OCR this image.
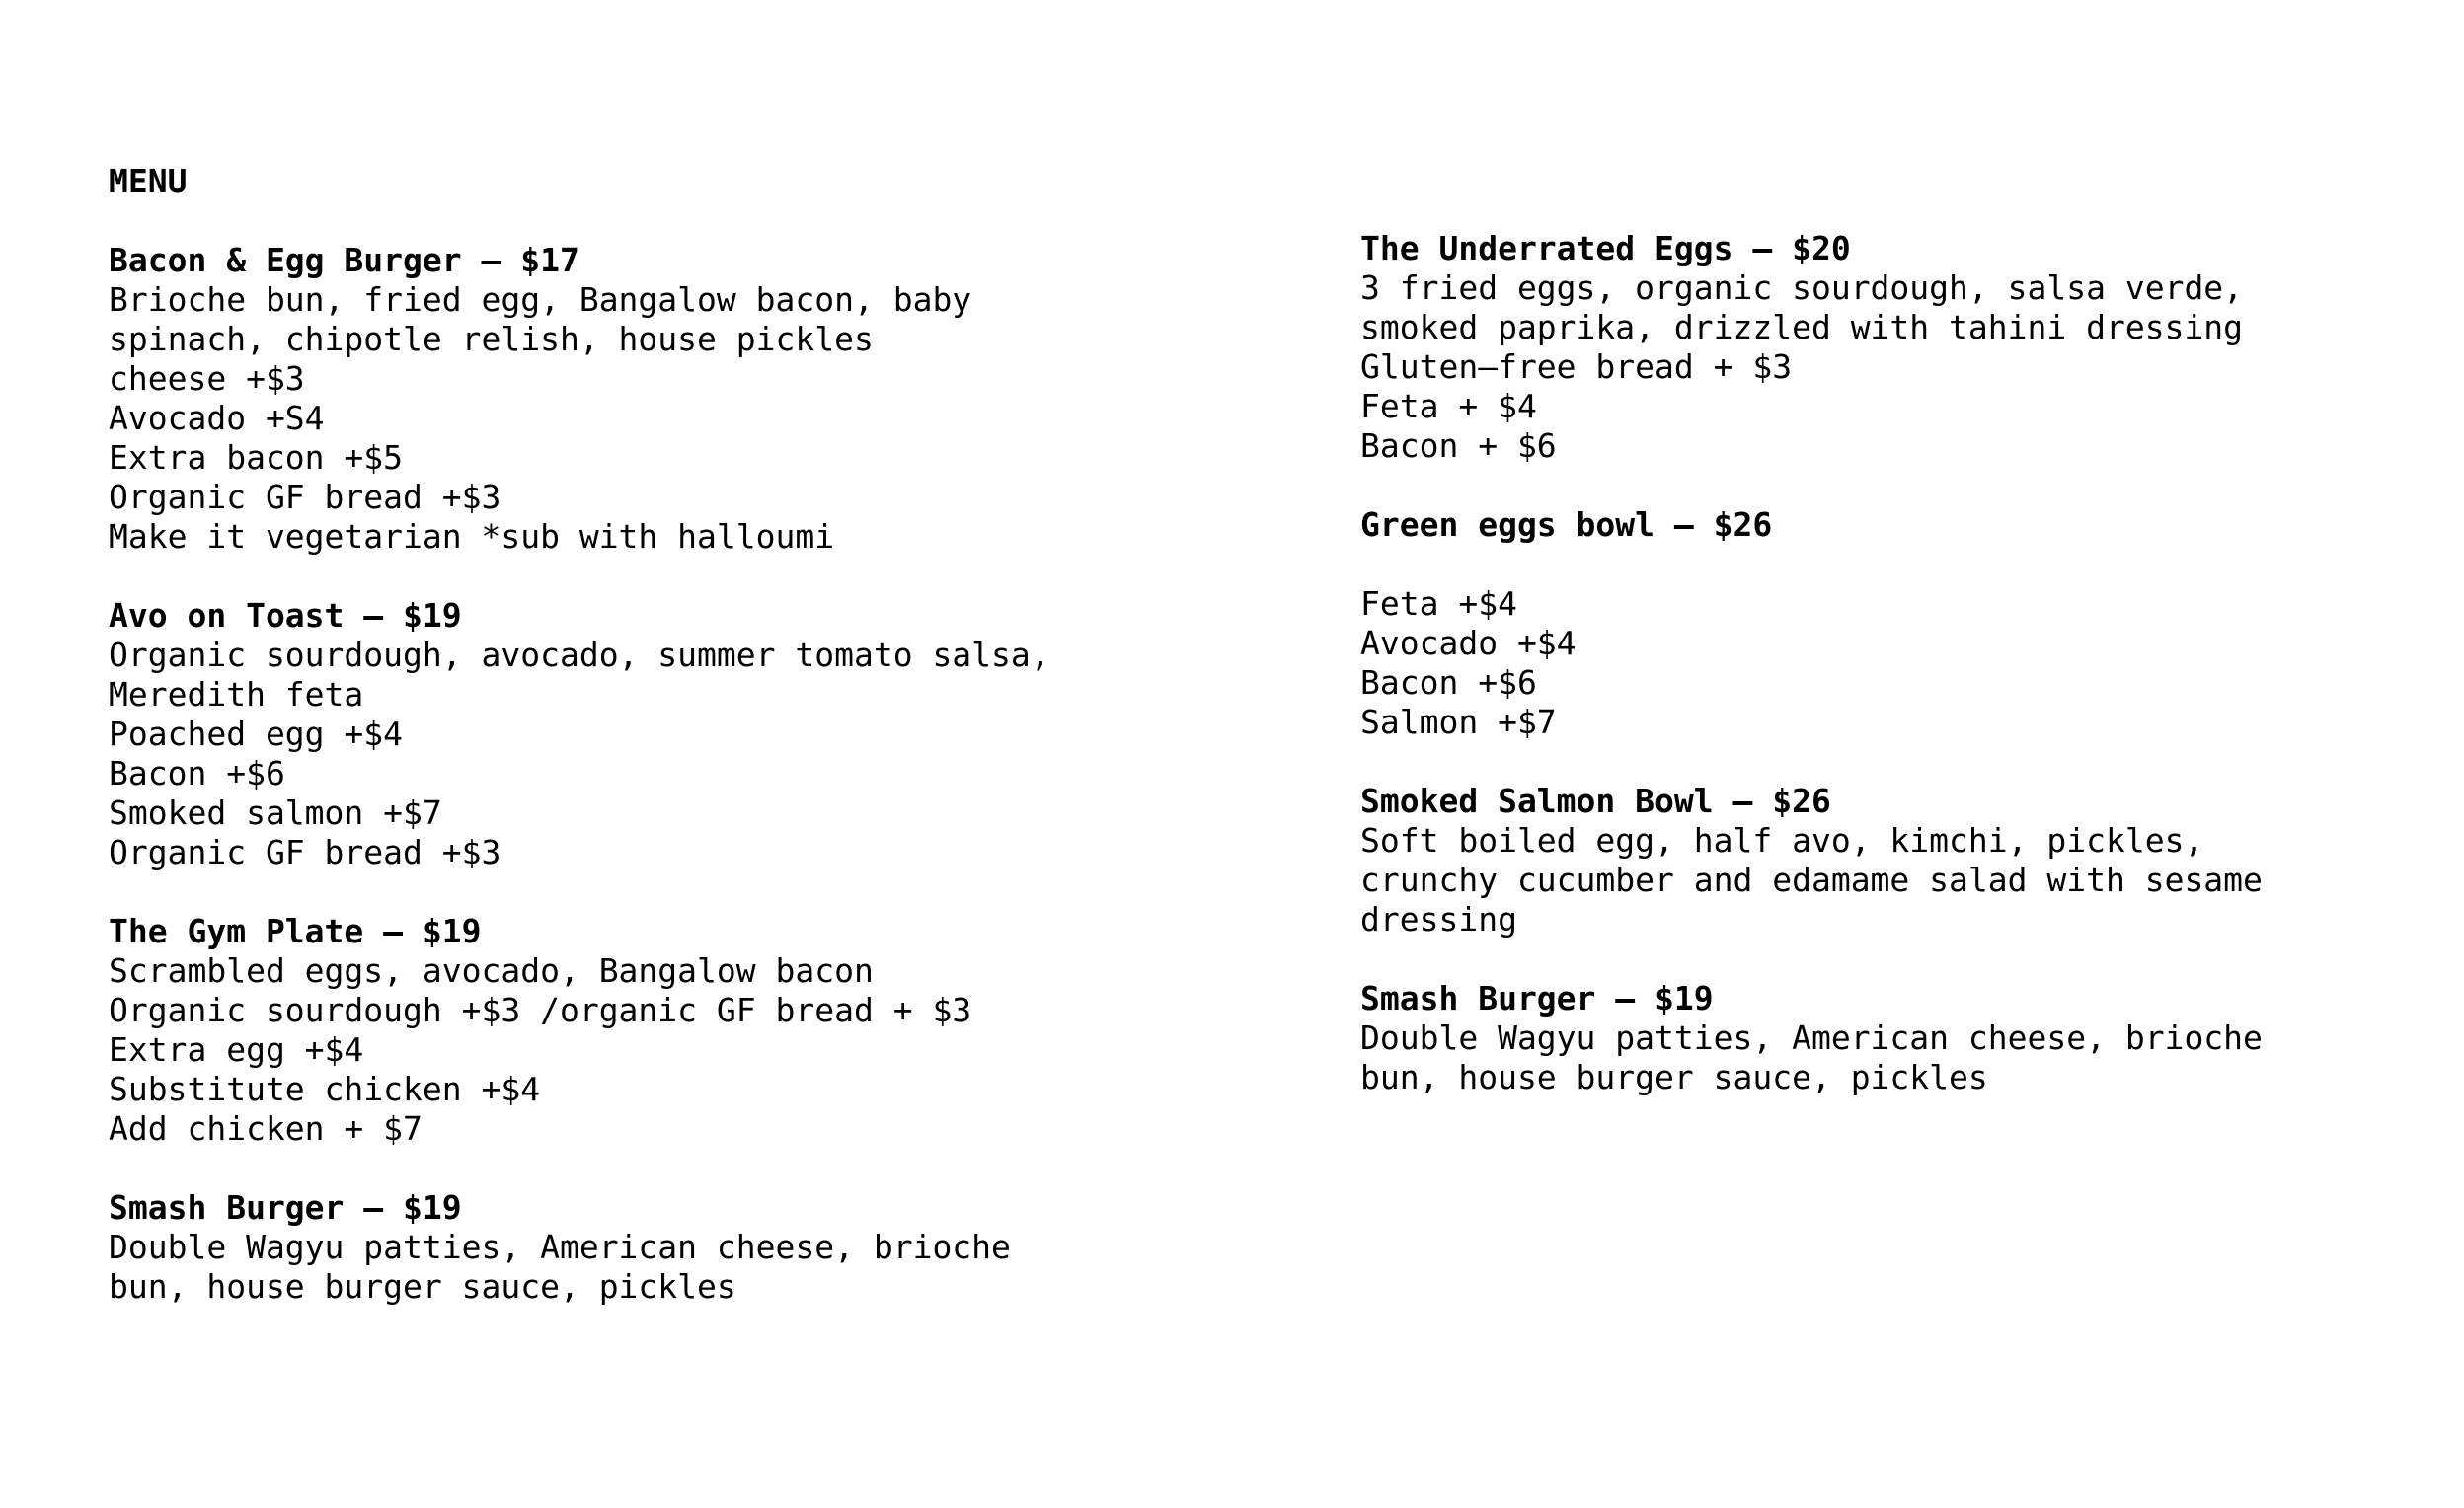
MENU
Bacon & Egg Burger – $17
Brioche bun, fried egg, Bangalow bacon, baby
spinach, chipotle relish, house pickles
cheese +$3
Avocado +S4
Extra bacon +$5
Organic GF bread +$3
Make it vegetarian *sub with halloumi
Avo on Toast – $19
Organic sourdough, avocado, summer tomato salsa,
Meredith feta
Poached egg +$4
Bacon +$6
Smoked salmon +$7
Organic GF bread +$3
The Gym Plate – $19
Scrambled eggs, avocado, Bangalow bacon
Organic sourdough +$3 /organic GF bread + $3
Extra egg +$4
Substitute chicken +$4
Add chicken + $7
Smash Burger – $19
Double Wagyu patties, American cheese, brioche
bun, house burger sauce, pickles
The Underrated Eggs – $20
3 fried eggs, organic sourdough, salsa verde,
smoked paprika, drizzled with tahini dressing
Gluten–free bread + $3
Feta + $4
Bacon + $6
Green eggs bowl – $26
Feta +$4
Avocado +$4
Bacon +$6
Salmon +$7
Smoked Salmon Bowl – $26
Soft boiled egg, half avo, kimchi, pickles,
crunchy cucumber and edamame salad with sesame
dressing
Smash Burger – $19
Double Wagyu patties, American cheese, brioche
bun, house burger sauce, pickles
